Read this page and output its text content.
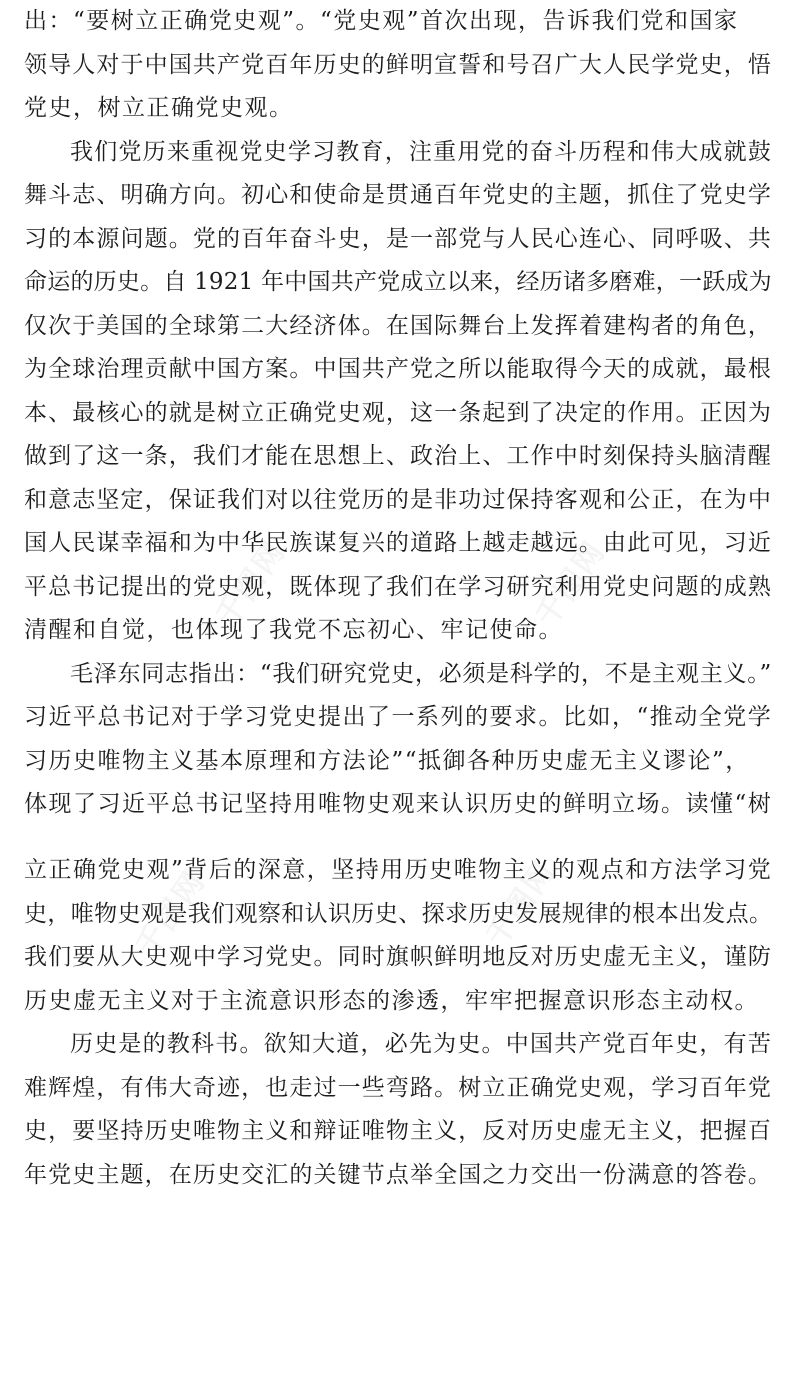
千图网	千图网
千图网	千图网
出：“要树立正确党史观”。“党史观”首次出现，告诉我们党和国家
领导人对于中国共产党百年历史的鲜明宣誓和号召广大人民学党史，悟
党史，树立正确党史观。
我们党历来重视党史学习教育，注重用党的奋斗历程和伟大成就鼓
舞斗志、明确方向。初心和使命是贯通百年党史的主题，抓住了党史学
习的本源问题。党的百年奋斗史，是一部党与人民心连心、同呼吸、共
命运的历史。自 1921 年中国共产党成立以来，经历诸多磨难，一跃成为
仅次于美国的全球第二大经济体。在国际舞台上发挥着建构者的角色，
为全球治理贡献中国方案。中国共产党之所以能取得今天的成就，最根
本、最核心的就是树立正确党史观，这一条起到了决定的作用。正因为
做到了这一条，我们才能在思想上、政治上、工作中时刻保持头脑清醒
和意志坚定，保证我们对以往党历的是非功过保持客观和公正，在为中
国人民谋幸福和为中华民族谋复兴的道路上越走越远。由此可见，习近
平总书记提出的党史观，既体现了我们在学习研究利用党史问题的成熟
清醒和自觉，也体现了我党不忘初心、牢记使命。
毛泽东同志指出：“我们研究党史，必须是科学的，不是主观主义。”
习近平总书记对于学习党史提出了一系列的要求。比如，“推动全党学
习历史唯物主义基本原理和方法论”“抵御各种历史虚无主义谬论”，
体现了习近平总书记坚持用唯物史观来认识历史的鲜明立场。读懂“树
立正确党史观”背后的深意，坚持用历史唯物主义的观点和方法学习党
史，唯物史观是我们观察和认识历史、探求历史发展规律的根本出发点。
我们要从大史观中学习党史。同时旗帜鲜明地反对历史虚无主义，谨防
历史虚无主义对于主流意识形态的渗透，牢牢把握意识形态主动权。
历史是的教科书。欲知大道，必先为史。中国共产党百年史，有苦
难辉煌，有伟大奇迹，也走过一些弯路。树立正确党史观，学习百年党
史，要坚持历史唯物主义和辩证唯物主义，反对历史虚无主义，把握百
年党史主题，在历史交汇的关键节点举全国之力交出一份满意的答卷。
